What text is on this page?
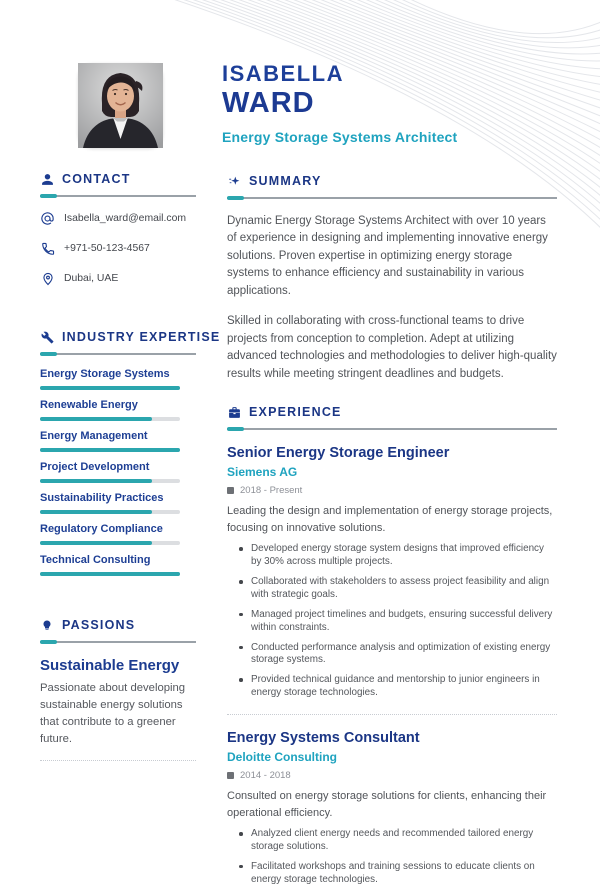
ISABELLA
WARD
Energy Storage Systems Architect
CONTACT
Isabella_ward@email.com
+971-50-123-4567
Dubai, UAE
INDUSTRY EXPERTISE
Energy Storage Systems
Renewable Energy
Energy Management
Project Development
Sustainability Practices
Regulatory Compliance
Technical Consulting
PASSIONS
Sustainable Energy
Passionate about developing sustainable energy solutions that contribute to a greener future.
SUMMARY

Dynamic Energy Storage Systems Architect with over 10 years of experience in designing and implementing innovative energy solutions. Proven expertise in optimizing energy storage systems to enhance efficiency and sustainability in various applications.

Skilled in collaborating with cross-functional teams to drive projects from conception to completion. Adept at utilizing advanced technologies and methodologies to deliver high-quality results while meeting stringent deadlines and budgets.

EXPERIENCE
Senior Energy Storage Engineer
Siemens AG
2018 - Present
Leading the design and implementation of energy storage projects, focusing on innovative solutions.
Developed energy storage system designs that improved efficiency by 30% across multiple projects.
Collaborated with stakeholders to assess project feasibility and align with strategic goals.
Managed project timelines and budgets, ensuring successful delivery within constraints.
Conducted performance analysis and optimization of existing energy storage systems.
Provided technical guidance and mentorship to junior engineers in energy storage technologies.
Energy Systems Consultant
Deloitte Consulting
2014 - 2018
Consulted on energy storage solutions for clients, enhancing their operational efficiency.
Analyzed client energy needs and recommended tailored energy storage solutions.
Facilitated workshops and training sessions to educate clients on energy storage technologies.
